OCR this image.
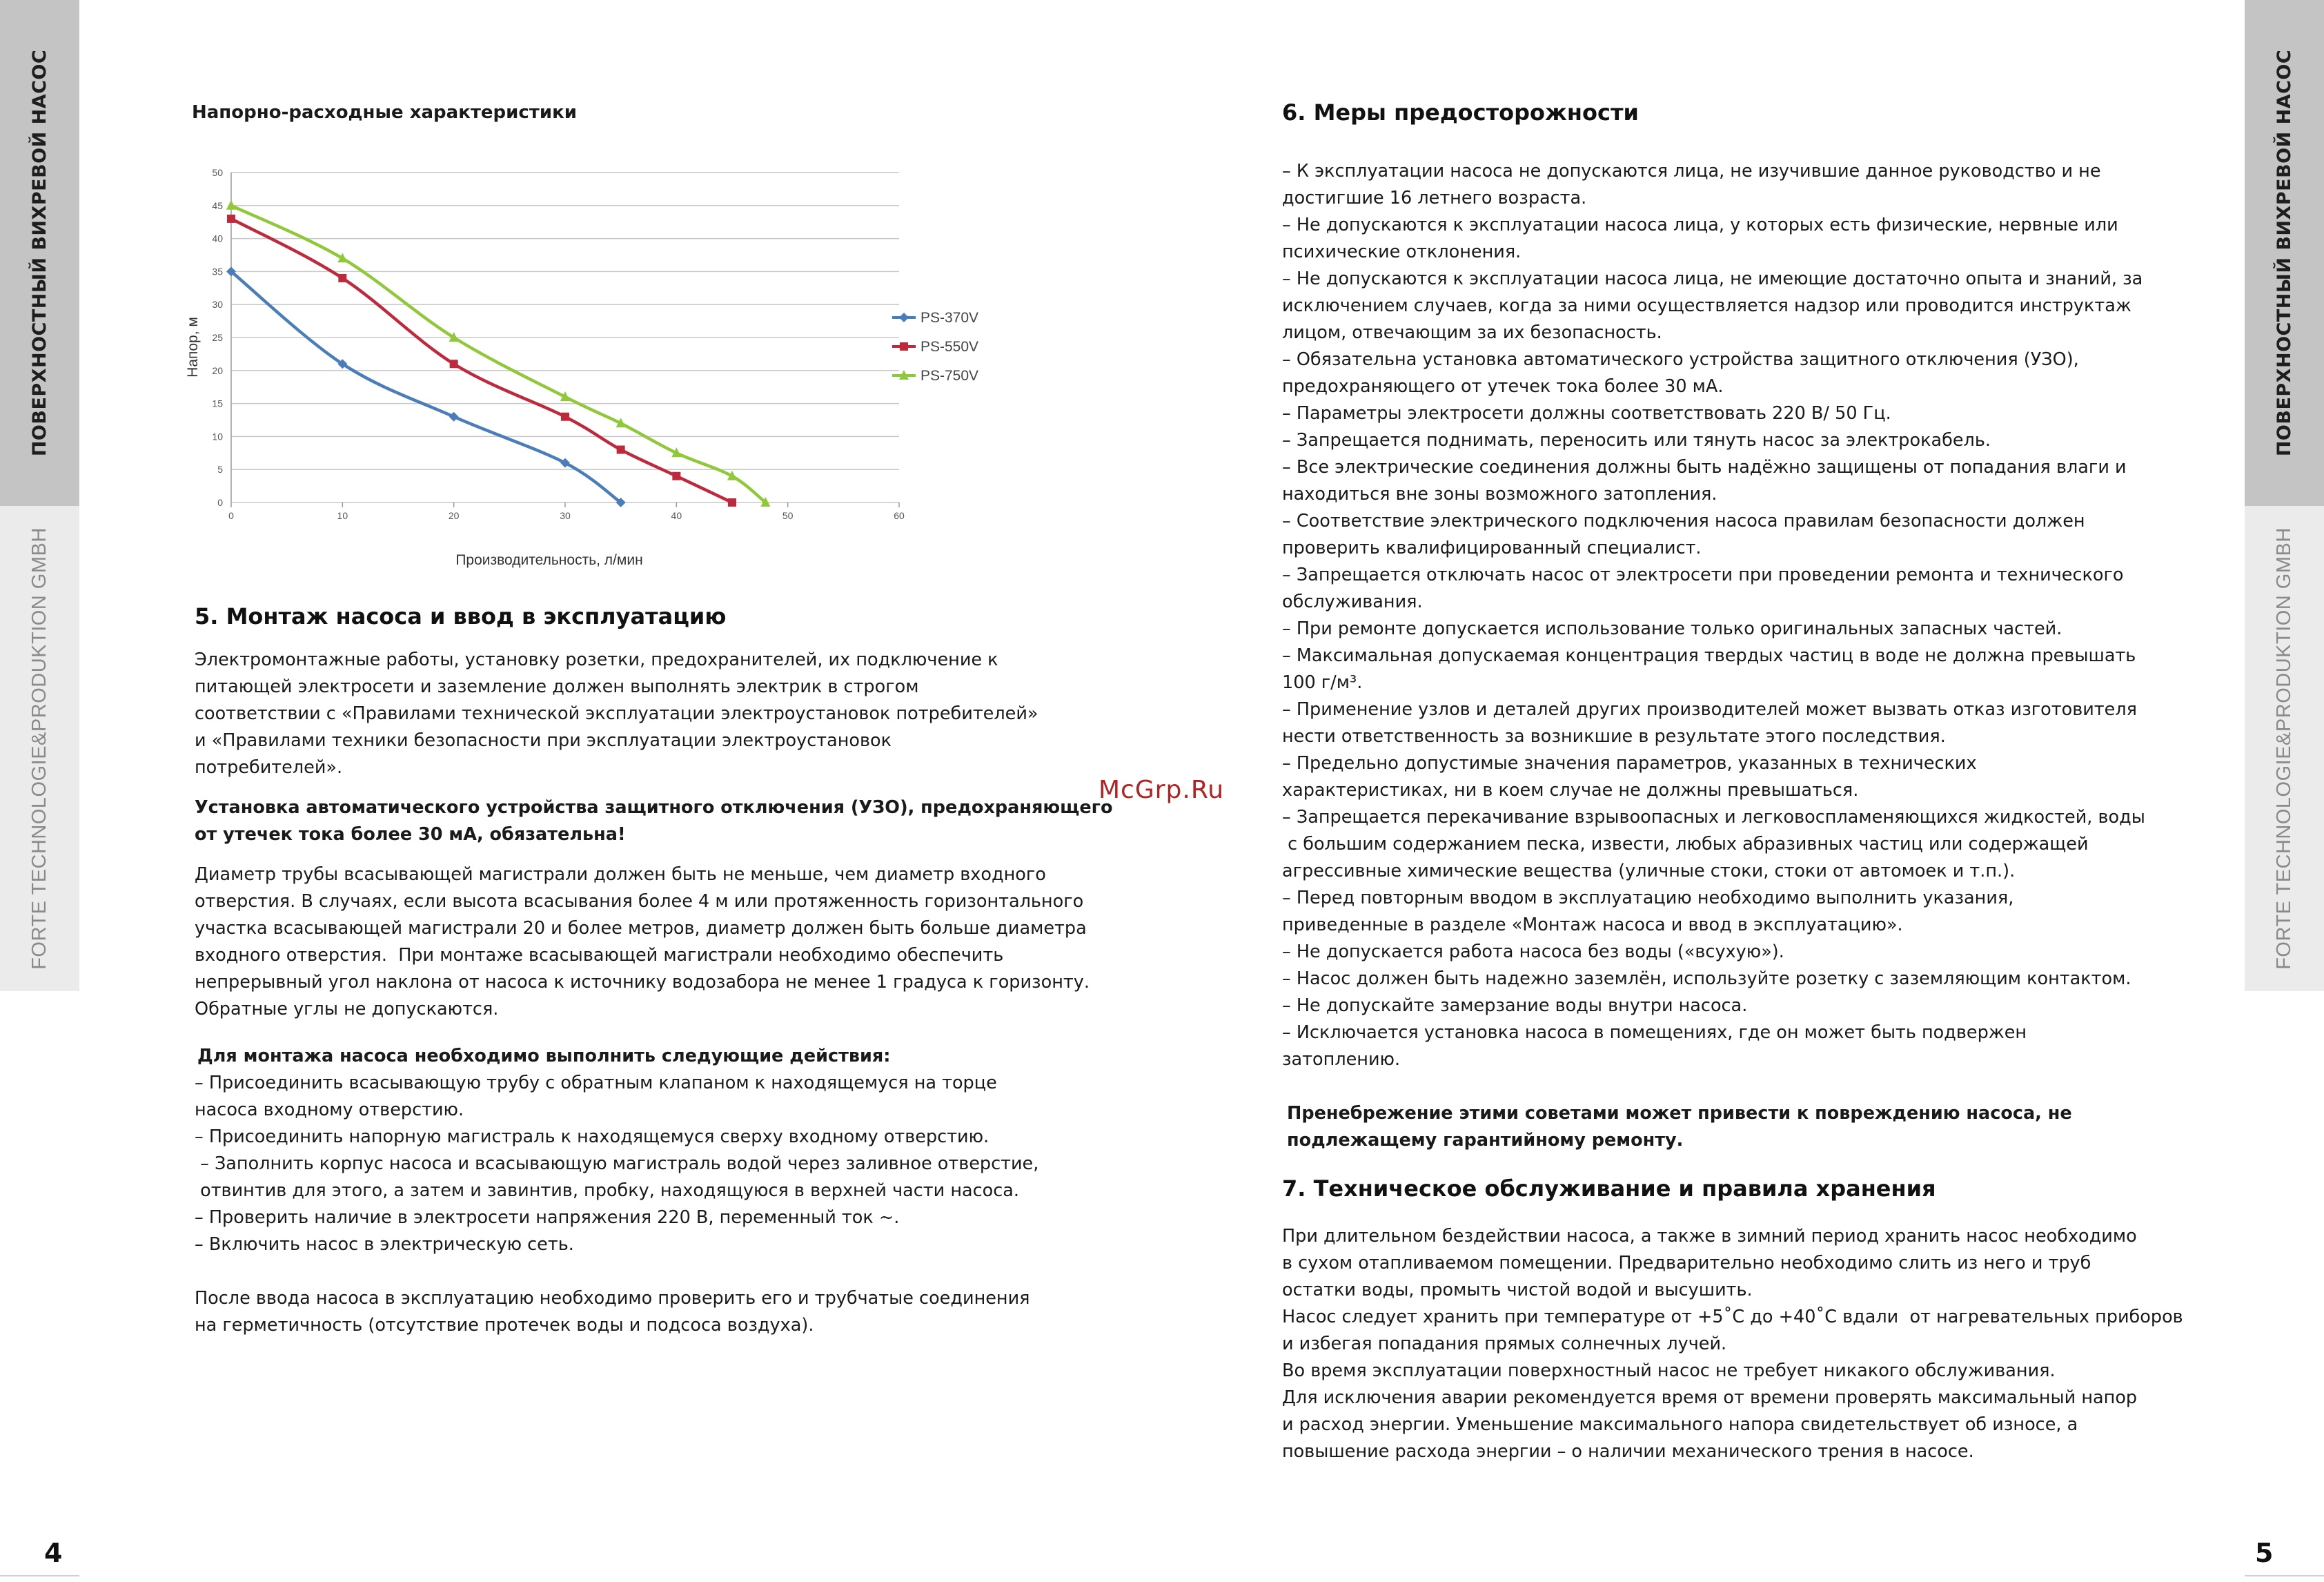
ПОВЕРХНОСТНЫЙ ВИХРЕВОЙ НАСОС
FORTE TECHNOLOGIE&PRODUKTION GMBH
ПОВЕРХНОСТНЫЙ ВИХРЕВОЙ НАСОС
FORTE TECHNOLOGIE&PRODUKTION GMBH
4	5
Напорно-расходные характеристики
0
5
10
15
20
25
30
35
40
45
50
0	10	20	30	40	50	60
PS-370V
PS-550V
PS-750V
Напор, м
Производительность, л/мин

5. Монтаж насоса и ввод в эксплуатацию

Электромонтажные работы, установку розетки, предохранителей, их подключение к

питающей электросети и заземление должен выполнять электрик в строгом

соответствии с «Правилами технической эксплуатации электроустановок потребителей»

и «Правилами техники безопасности при эксплуатации электроустановок

потребителей».

Установка автоматического устройства защитного отключения (УЗО), предохраняющего

от утечек тока более 30 мА, обязательна!

Диаметр трубы всасывающей магистрали должен быть не меньше, чем диаметр входного

отверстия. В случаях, если высота всасывания более 4 м или протяженность горизонтального

участка всасывающей магистрали 20 и более метров, диаметр должен быть больше диаметра

входного отверстия.  При монтаже всасывающей магистрали необходимо обеспечить

непрерывный угол наклона от насоса к источнику водозабора не менее 1 градуса к горизонту.

Обратные углы не допускаются.

Для монтажа насоса необходимо выполнить следующие действия:

– Присоединить всасывающую трубу с обратным клапаном к находящемуся на торце

насоса входному отверстию.

– Присоединить напорную магистраль к находящемуся сверху входному отверстию.

– Заполнить корпус насоса и всасывающую магистраль водой через заливное отверстие,

отвинтив для этого, а затем и завинтив, пробку, находящуюся в верхней части насоса.

– Проверить наличие в электросети напряжения 220 В, переменный ток ~.

– Включить насос в электрическую сеть.

После ввода насоса в эксплуатацию необходимо проверить его и трубчатые соединения

на герметичность (отсутствие протечек воды и подсоса воздуха).

McGrp.Ru

6. Меры предосторожности

– К эксплуатации насоса не допускаются лица, не изучившие данное руководство и не

достигшие 16 летнего возраста.

– Не допускаются к эксплуатации насоса лица, у которых есть физические, нервные или

психические отклонения.

– Не допускаются к эксплуатации насоса лица, не имеющие достаточно опыта и знаний, за

исключением случаев, когда за ними осуществляется надзор или проводится инструктаж

лицом, отвечающим за их безопасность.

– Обязательна установка автоматического устройства защитного отключения (УЗО),

предохраняющего от утечек тока более 30 мА.

– Параметры электросети должны соответствовать 220 В/ 50 Гц.

– Запрещается поднимать, переносить или тянуть насос за электрокабель.

– Все электрические соединения должны быть надёжно защищены от попадания влаги и

находиться вне зоны возможного затопления.

– Соответствие электрического подключения насоса правилам безопасности должен

проверить квалифицированный специалист.

– Запрещается отключать насос от электросети при проведении ремонта и технического

обслуживания.

– При ремонте допускается использование только оригинальных запасных частей.

– Максимальная допускаемая концентрация твердых частиц в воде не должна превышать

100 г/м³.

– Применение узлов и деталей других производителей может вызвать отказ изготовителя

нести ответственность за возникшие в результате этого последствия.

– Предельно допустимые значения параметров, указанных в технических

характеристиках, ни в коем случае не должны превышаться.

– Запрещается перекачивание взрывоопасных и легковоспламеняющихся жидкостей, воды

с большим содержанием песка, извести, любых абразивных частиц или содержащей

агрессивные химические вещества (уличные стоки, стоки от автомоек и т.п.).

– Перед повторным вводом в эксплуатацию необходимо выполнить указания,

приведенные в разделе «Монтаж насоса и ввод в эксплуатацию».

– Не допускается работа насоса без воды («всухую»).

– Насос должен быть надежно заземлён, используйте розетку с заземляющим контактом.

– Не допускайте замерзание воды внутри насоса.

– Исключается установка насоса в помещениях, где он может быть подвержен

затоплению.

Пренебрежение этими советами может привести к повреждению насоса, не

подлежащему гарантийному ремонту.

7. Техническое обслуживание и правила хранения

При длительном бездействии насоса, а также в зимний период хранить насос необходимо

в сухом отапливаемом помещении. Предварительно необходимо слить из него и труб

остатки воды, промыть чистой водой и высушить.

Насос следует хранить при температуре от +5˚С до +40˚С вдали  от нагревательных приборов

и избегая попадания прямых солнечных лучей.

Во время эксплуатации поверхностный насос не требует никакого обслуживания.

Для исключения аварии рекомендуется время от времени проверять максимальный напор

и расход энергии. Уменьшение максимального напора свидетельствует об износе, а

повышение расхода энергии – о наличии механического трения в насосе.
